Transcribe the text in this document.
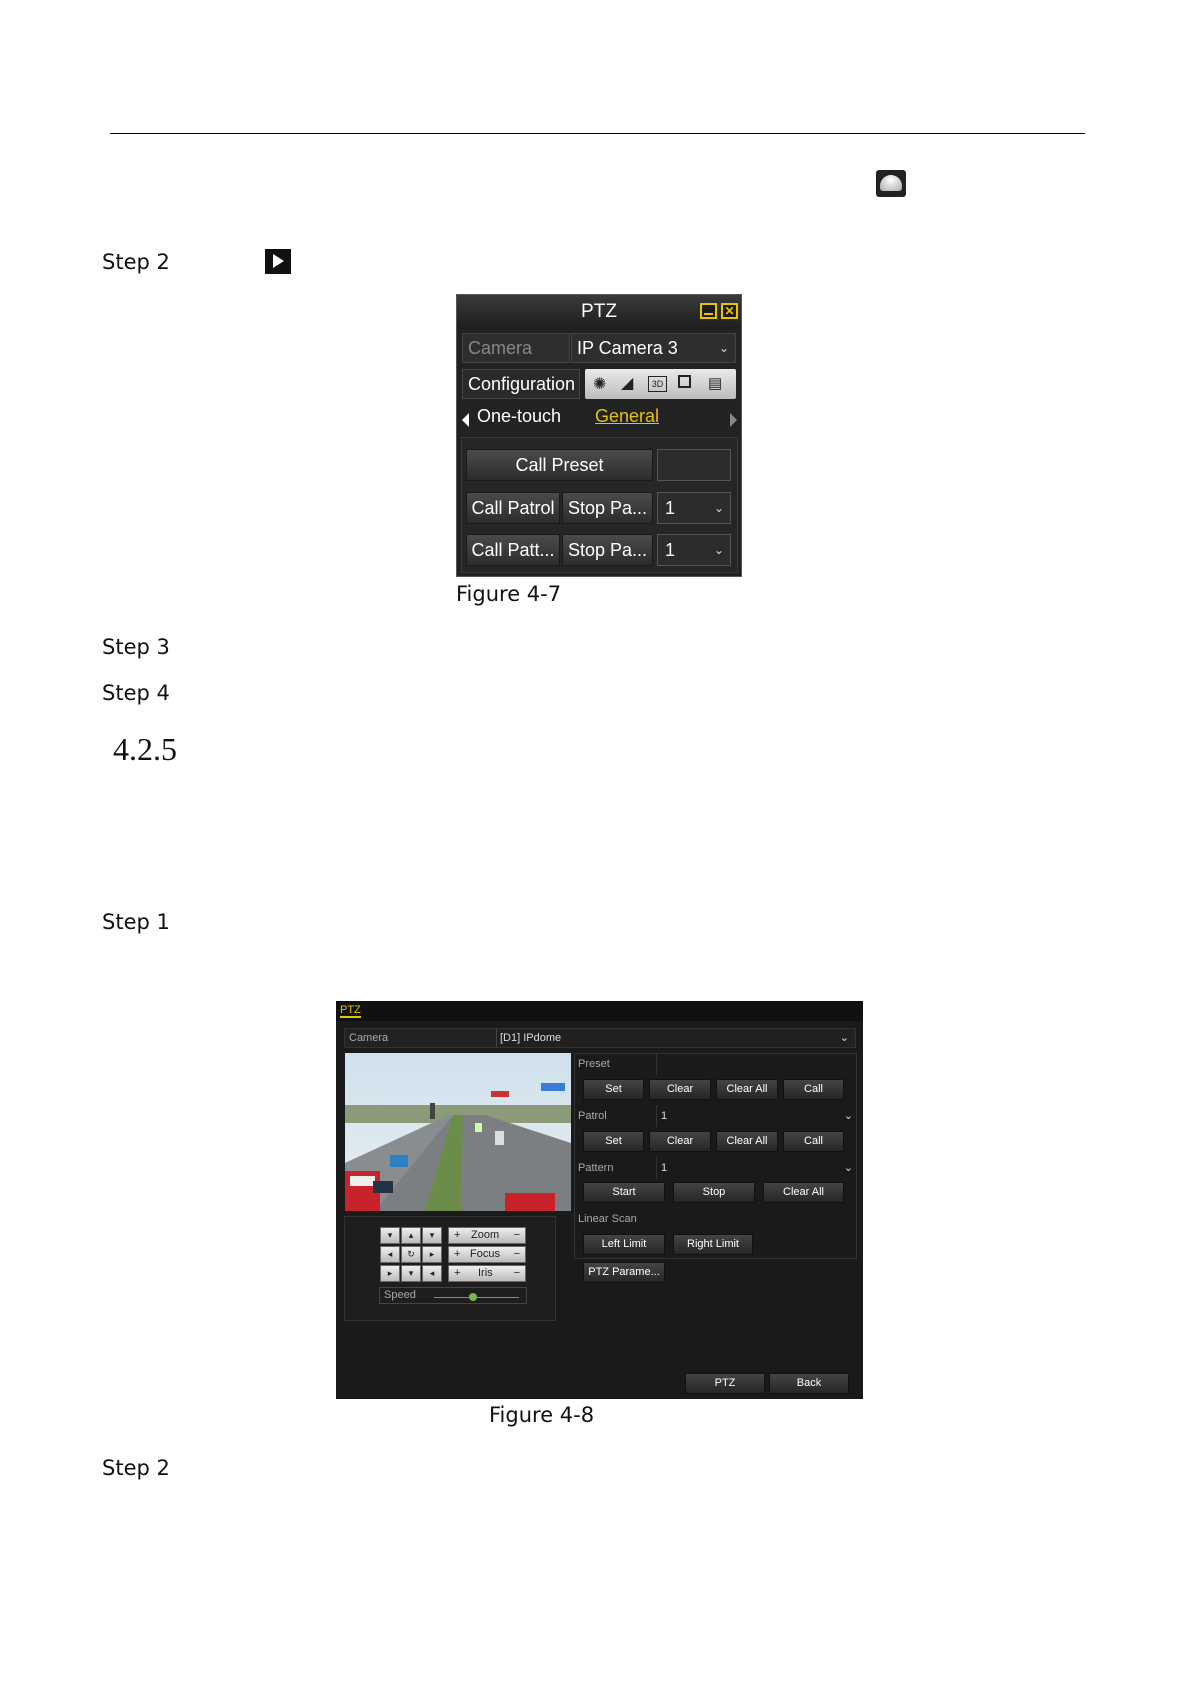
Step 2
PTZ	✕
Camera	IP Camera 3	⌄
Configuration	✺ ◢	3D	▤
One-touch General
Call Preset
Call Patrol Stop Pa... 1	⌄
Call Patt... Stop Pa... 1	⌄
Figure 4-7
Step 3
Step 4
4.2.5
Step 1
PTZ
Camera	[D1] IPdome	⌄
▾	▴	▾
◂	↻	▸
▸	▾	◂
+ Zoom −
+ Focus −
+ Iris −
Speed
Preset
Set	Clear	Clear All	Call
Patrol	1	⌄
Set	Clear	Clear All	Call
Pattern	1	⌄
Start	Stop	Clear All
Linear Scan
Left Limit	Right Limit
PTZ Parame...
PTZ	Back
Figure 4-8
Step 2
